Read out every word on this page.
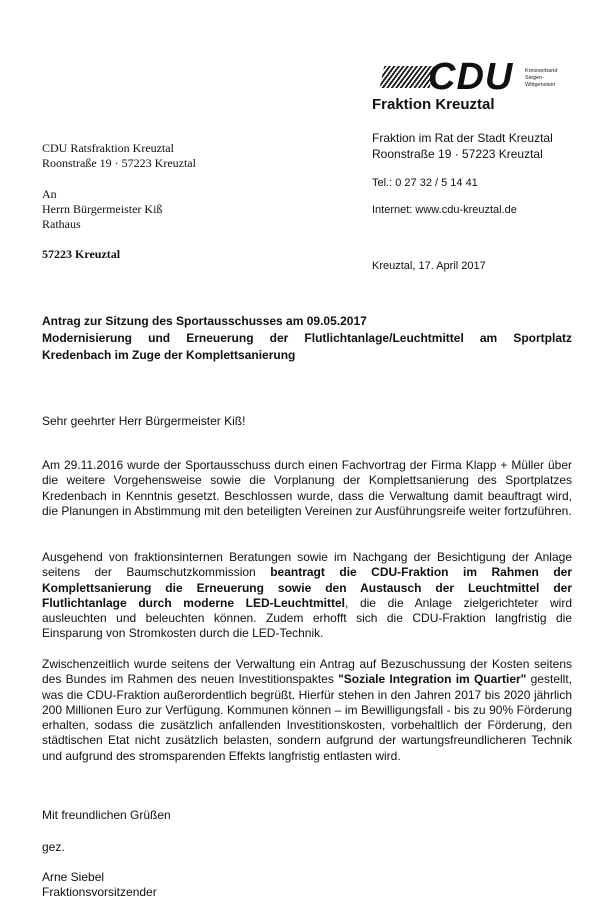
CDU Kreisverband
Siegen-Wittgenstein
Fraktion Kreuztal
Fraktion im Rat der Stadt Kreuztal
Roonstraße 19 · 57223 Kreuztal
Tel.: 0 27 32 / 5 14 41
Internet: www.cdu-kreuztal.de
CDU Ratsfraktion Kreuztal
Roonstraße 19 · 57223 Kreuztal
An
Herrn Bürgermeister Kiß
Rathaus
57223 Kreuztal
Kreuztal, 17. April 2017
Antrag zur Sitzung des Sportausschusses am 09.05.2017
Modernisierung und Erneuerung der Flutlichtanlage/Leuchtmittel am Sportplatz
Kredenbach im Zuge der Komplettsanierung
Sehr geehrter Herr Bürgermeister Kiß!

Am 29.11.2016 wurde der Sportausschuss durch einen Fachvortrag der Firma Klapp + Müller über die weitere Vorgehensweise sowie die Vorplanung der Komplettsanierung des Sportplatzes Kredenbach in Kenntnis gesetzt. Beschlossen wurde, dass die Verwaltung damit beauftragt wird, die Planungen in Abstimmung mit den beteiligten Vereinen zur Ausführungsreife weiter fortzuführen.

Ausgehend von fraktionsinternen Beratungen sowie im Nachgang der Besichtigung der Anlage seitens der Baumschutzkommission beantragt die CDU-Fraktion im Rahmen der Komplettsanierung die Erneuerung sowie den Austausch der Leuchtmittel der Flutlichtanlage durch moderne LED-Leuchtmittel, die die Anlage zielgerichteter wird ausleuchten und beleuchten können. Zudem erhofft sich die CDU-Fraktion langfristig die Einsparung von Stromkosten durch die LED-Technik.

Zwischenzeitlich wurde seitens der Verwaltung ein Antrag auf Bezuschussung der Kosten seitens des Bundes im Rahmen des neuen Investitionspaktes "Soziale Integration im Quartier" gestellt, was die CDU-Fraktion außerordentlich begrüßt. Hierfür stehen in den Jahren 2017 bis 2020 jährlich 200 Millionen Euro zur Verfügung. Kommunen können – im Bewilligungsfall - bis zu 90% Förderung erhalten, sodass die zusätzlich anfallenden Investitionskosten, vorbehaltlich der Förderung, den städtischen Etat nicht zusätzlich belasten, sondern aufgrund der wartungsfreundlicheren Technik und aufgrund des stromsparenden Effekts langfristig entlasten wird.

Mit freundlichen Grüßen
gez.
Arne Siebel
Fraktionsvorsitzender
